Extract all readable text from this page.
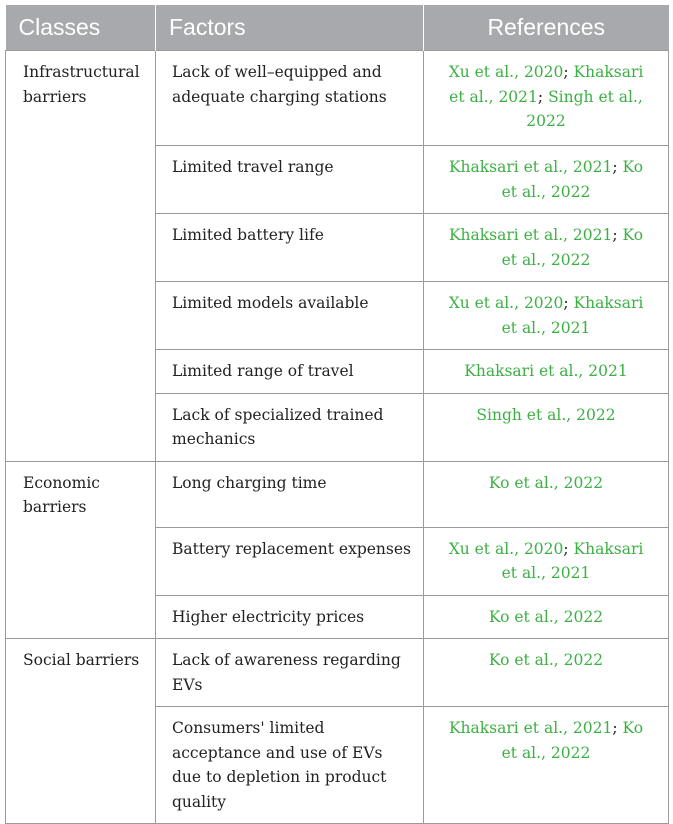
Classes	Factors	References
Infrastructural barriers	Lack of well–equipped and adequate charging stations	Xu et al., 2020; Khaksari et al., 2021; Singh et al., 2022
	Limited travel range	Khaksari et al., 2021; Ko et al., 2022
	Limited battery life	Khaksari et al., 2021; Ko et al., 2022
	Limited models available	Xu et al., 2020; Khaksari et al., 2021
	Limited range of travel	Khaksari et al., 2021
	Lack of specialized trained mechanics	Singh et al., 2022
Economic barriers	Long charging time	Ko et al., 2022
	Battery replacement expenses	Xu et al., 2020; Khaksari et al., 2021
	Higher electricity prices	Ko et al., 2022
Social barriers	Lack of awareness regarding EVs	Ko et al., 2022
	Consumers' limited acceptance and use of EVs due to depletion in product quality	Khaksari et al., 2021; Ko et al., 2022
